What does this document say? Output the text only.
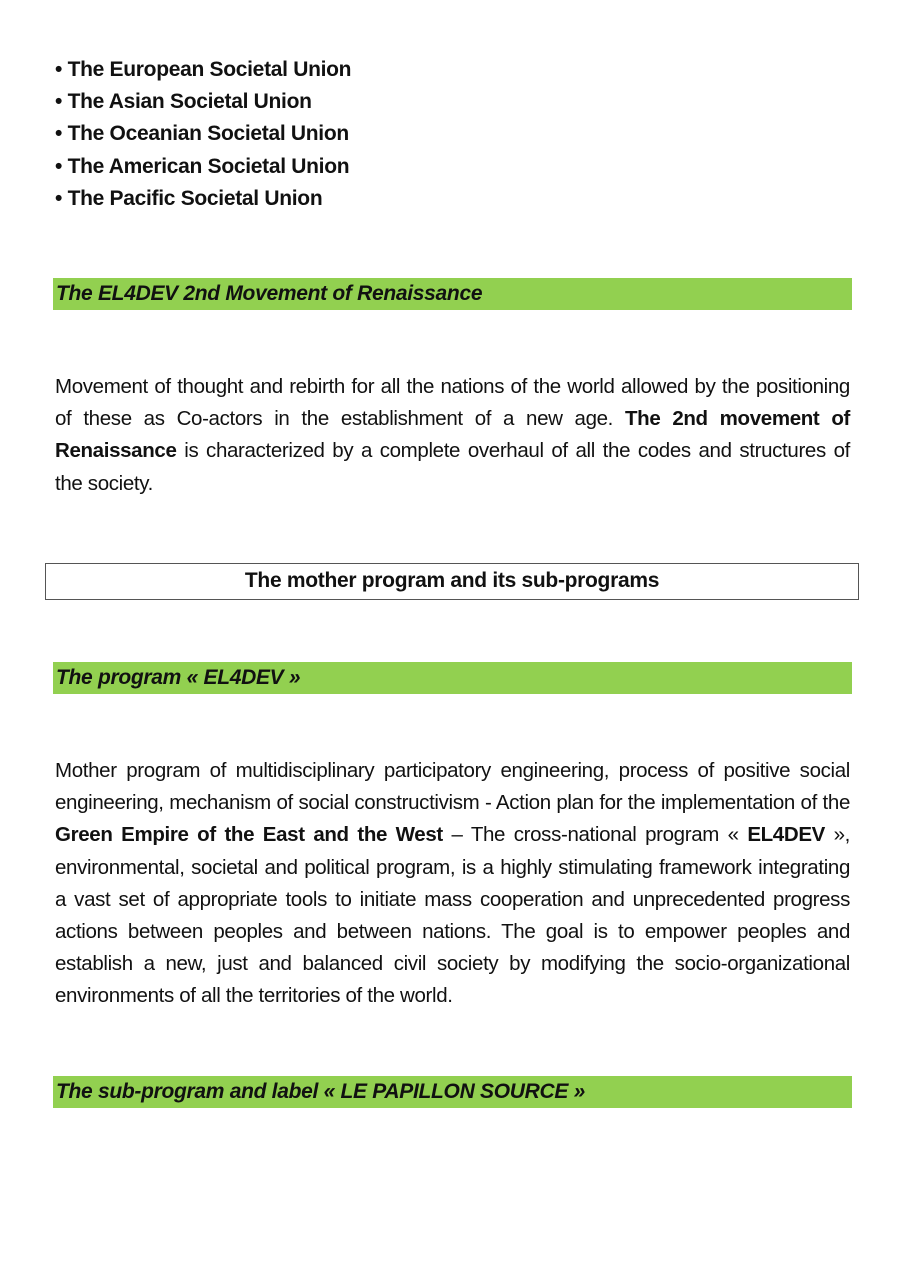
• The European Societal Union
• The Asian Societal Union
• The Oceanian Societal Union
• The American Societal Union
• The Pacific Societal Union
The EL4DEV 2nd Movement of Renaissance

Movement of thought and rebirth for all the nations of the world allowed by the positioning of these as Co-actors in the establishment of a new age. The 2nd movement of Renaissance is characterized by a complete overhaul of all the codes and structures of the society.

The mother program and its sub-programs
The program « EL4DEV »

Mother program of multidisciplinary participatory engineering, process of positive social engineering, mechanism of social constructivism - Action plan for the implementation of the Green Empire of the East and the West – The cross-national program « EL4DEV », environmental, societal and political program, is a highly stimulating framework integrating a vast set of appropriate tools to initiate mass cooperation and unprecedented progress actions between peoples and between nations. The goal is to empower peoples and establish a new, just and balanced civil society by modifying the socio-organizational environments of all the territories of the world.

The sub-program and label « LE PAPILLON SOURCE »
